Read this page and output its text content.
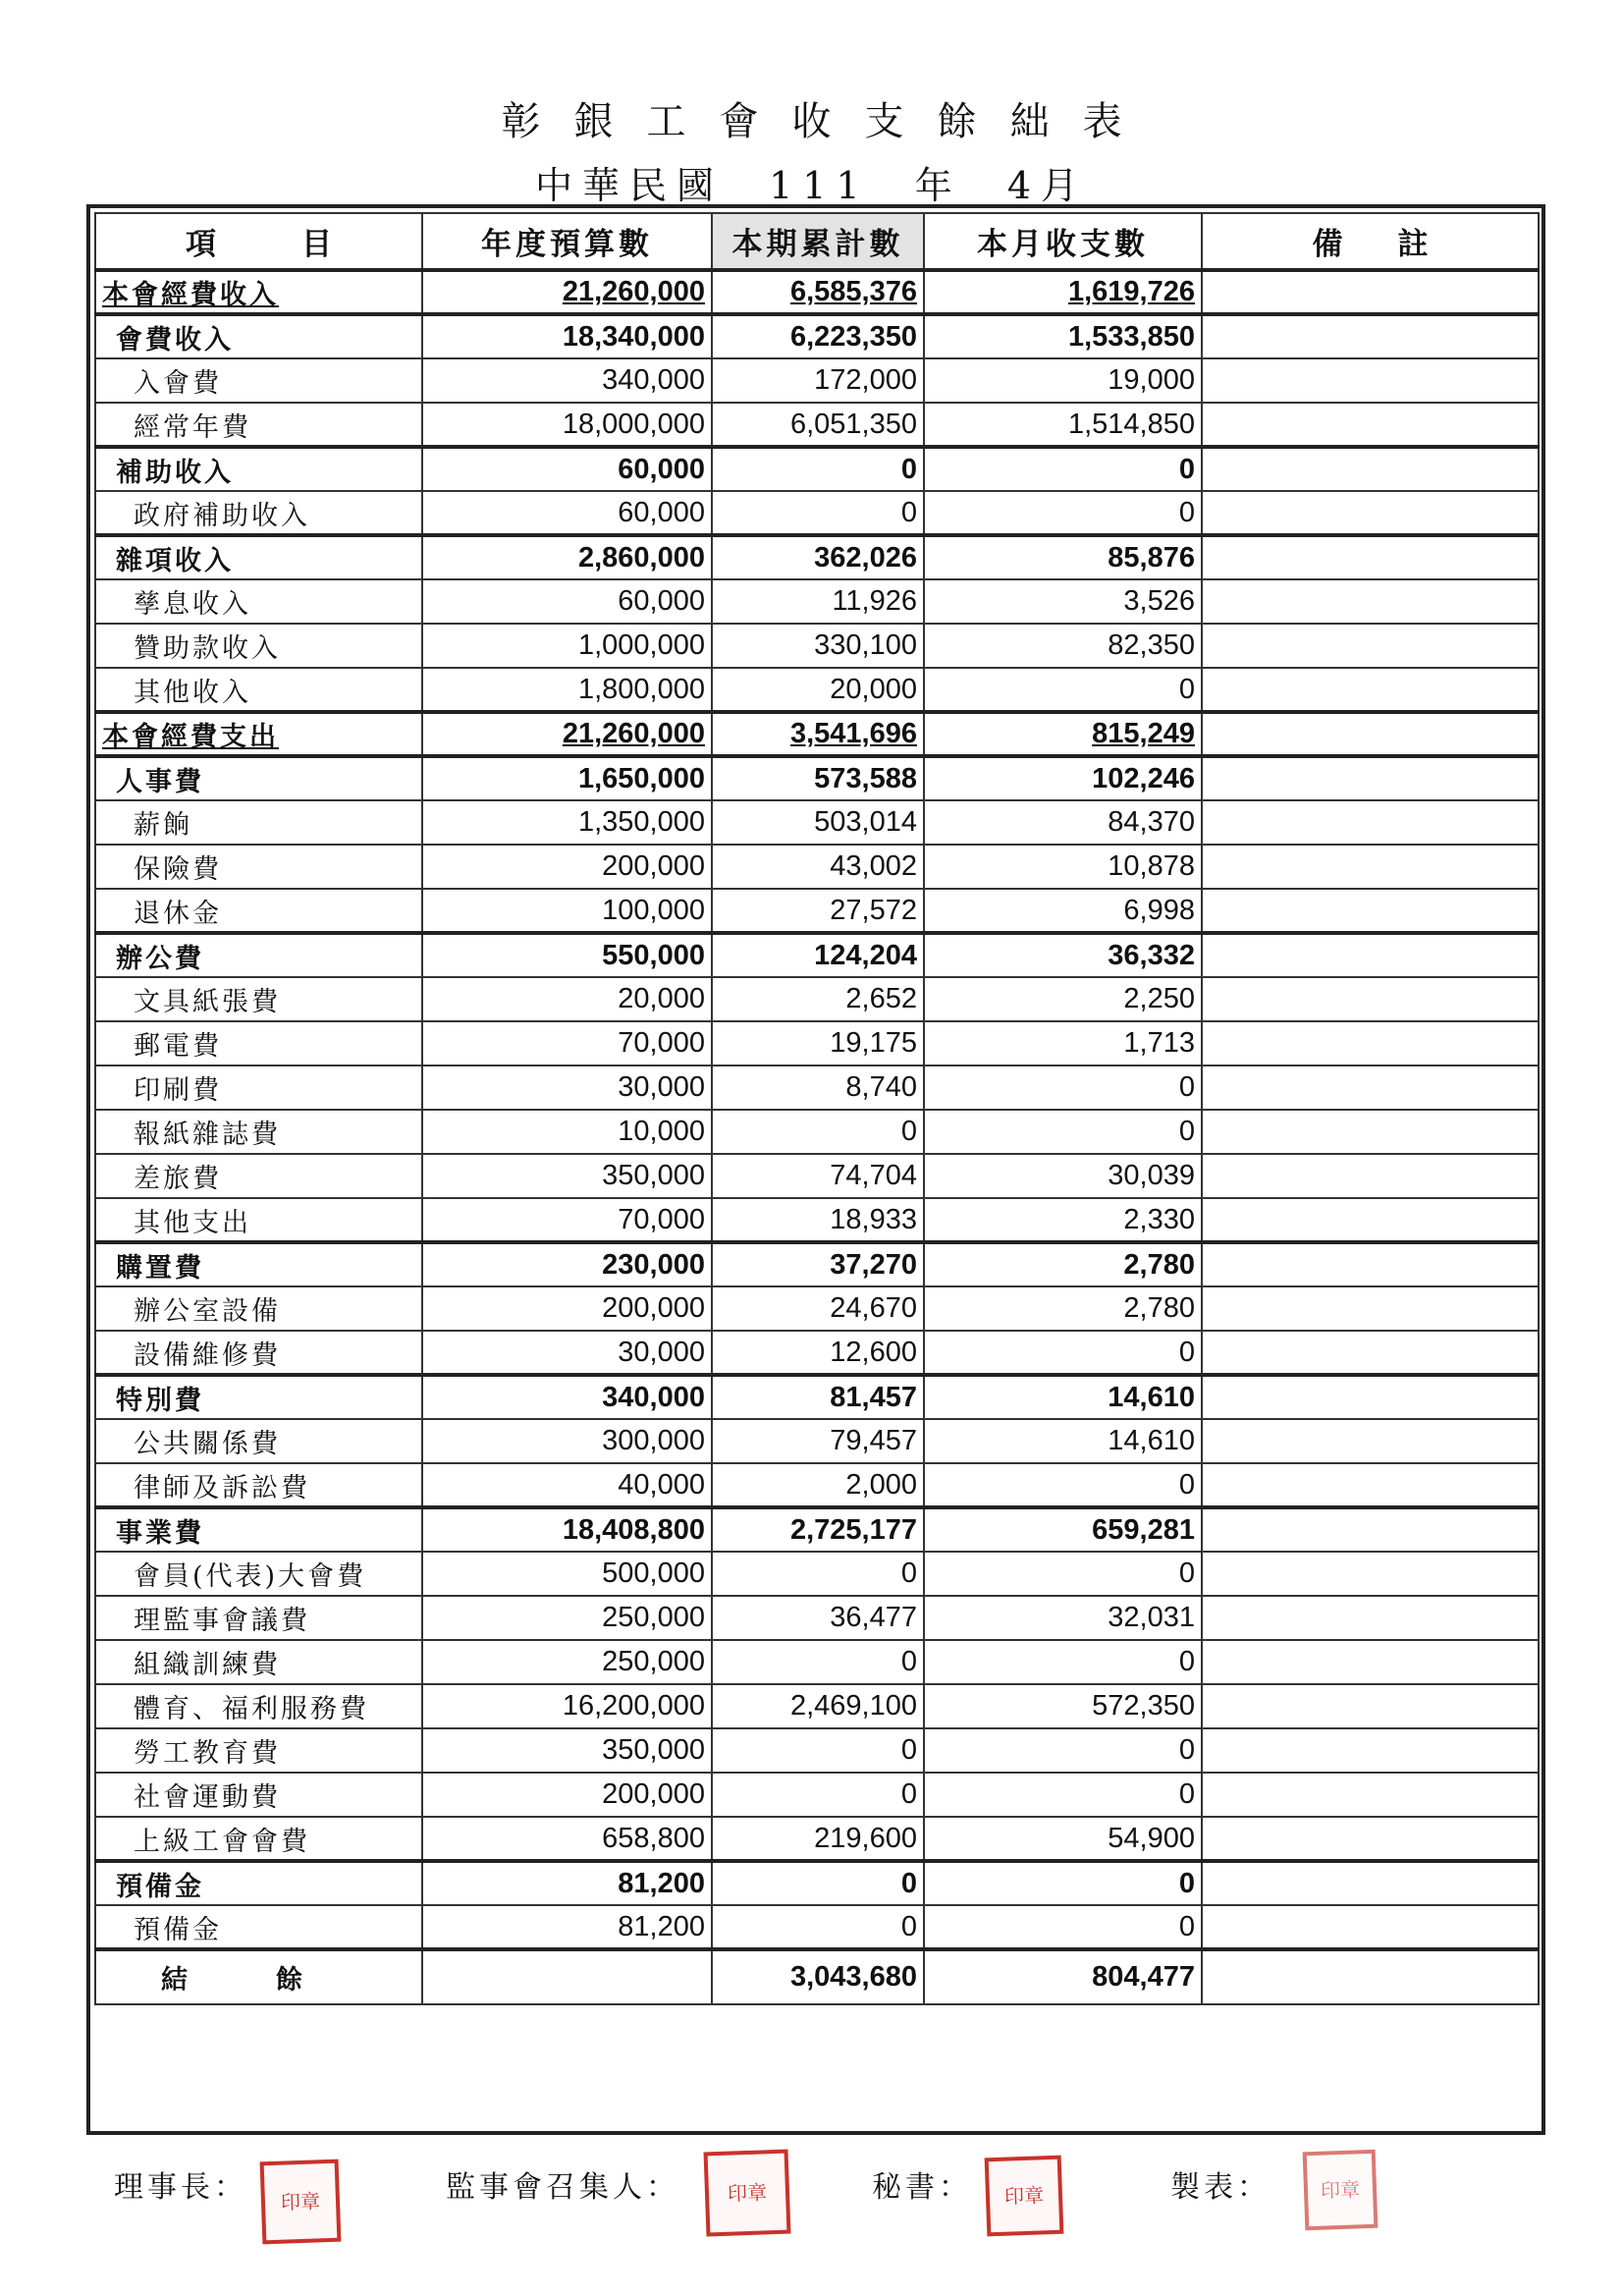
彰銀工會收支餘絀表
中華民國 111 年 4月
項　目	年度預算數	本期累計數	本月收支數	備註
本會經費收入	21,260,000	6,585,376	1,619,726	
會費收入	18,340,000	6,223,350	1,533,850	
入會費	340,000	172,000	19,000	
經常年費	18,000,000	6,051,350	1,514,850	
補助收入	60,000	0	0	
政府補助收入	60,000	0	0	
雜項收入	2,860,000	362,026	85,876	
孳息收入	60,000	11,926	3,526	
贊助款收入	1,000,000	330,100	82,350	
其他收入	1,800,000	20,000	0	
本會經費支出	21,260,000	3,541,696	815,249	
人事費	1,650,000	573,588	102,246	
薪餉	1,350,000	503,014	84,370	
保險費	200,000	43,002	10,878	
退休金	100,000	27,572	6,998	
辦公費	550,000	124,204	36,332	
文具紙張費	20,000	2,652	2,250	
郵電費	70,000	19,175	1,713	
印刷費	30,000	8,740	0	
報紙雜誌費	10,000	0	0	
差旅費	350,000	74,704	30,039	
其他支出	70,000	18,933	2,330	
購置費	230,000	37,270	2,780	
辦公室設備	200,000	24,670	2,780	
設備維修費	30,000	12,600	0	
特別費	340,000	81,457	14,610	
公共關係費	300,000	79,457	14,610	
律師及訴訟費	40,000	2,000	0	
事業費	18,408,800	2,725,177	659,281	
會員(代表)大會費	500,000	0	0	
理監事會議費	250,000	36,477	32,031	
組織訓練費	250,000	0	0	
體育、福利服務費	16,200,000	2,469,100	572,350	
勞工教育費	350,000	0	0	
社會運動費	200,000	0	0	
上級工會會費	658,800	219,600	54,900	
預備金	81,200	0	0	
預備金	81,200	0	0	
結餘		3,043,680	804,477	
理事長：	印章	監事會召集人：	印章	秘書：	印章	製表：	印章
